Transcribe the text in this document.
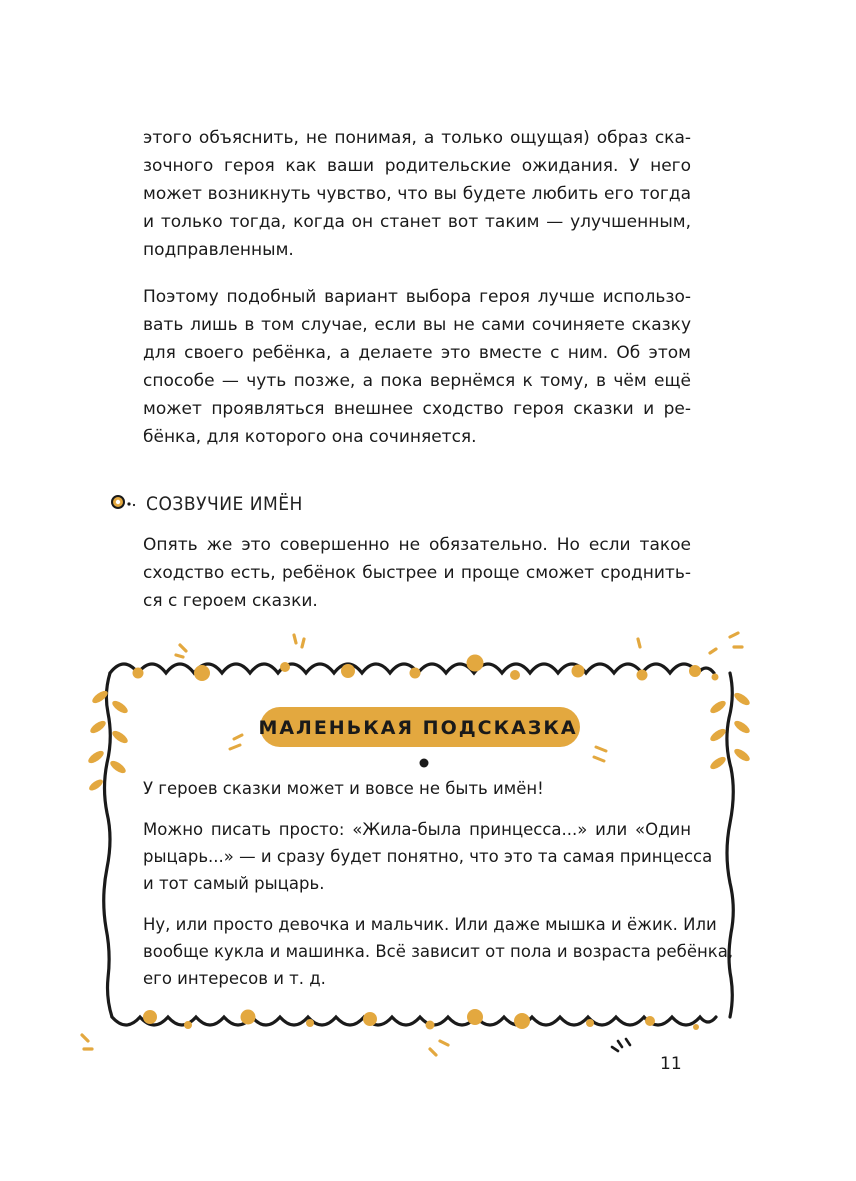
этого объяснить, не понимая, а только ощущая) образ ска-
зочного героя как ваши родительские ожидания. У него
может возникнуть чувство, что вы будете любить его тогда
и только тогда, когда он станет вот таким — улучшенным,
подправленным.
Поэтому подобный вариант выбора героя лучше использо-
вать лишь в том случае, если вы не сами сочиняете сказку
для своего ребёнка, а делаете это вместе с ним. Об этом
способе — чуть позже, а пока вернёмся к тому, в чём ещё
может проявляться внешнее сходство героя сказки и ре-
бёнка, для которого она сочиняется.
СОЗВУЧИЕ ИМЁН
Опять же это совершенно не обязательно. Но если такое
сходство есть, ребёнок быстрее и проще сможет сроднить-
ся с героем сказки.
МАЛЕНЬКАЯ ПОДСКАЗКА

У героев сказки может и вовсе не быть имён!

Можно писать просто: «Жила-была принцесса...» или «Один
рыцарь...» — и сразу будет понятно, что это та самая принцесса
и тот самый рыцарь.
Ну, или просто девочка и мальчик. Или даже мышка и ёжик. Или
вообще кукла и машинка. Всё зависит от пола и возраста ребёнка,
его интересов и т. д.
11
